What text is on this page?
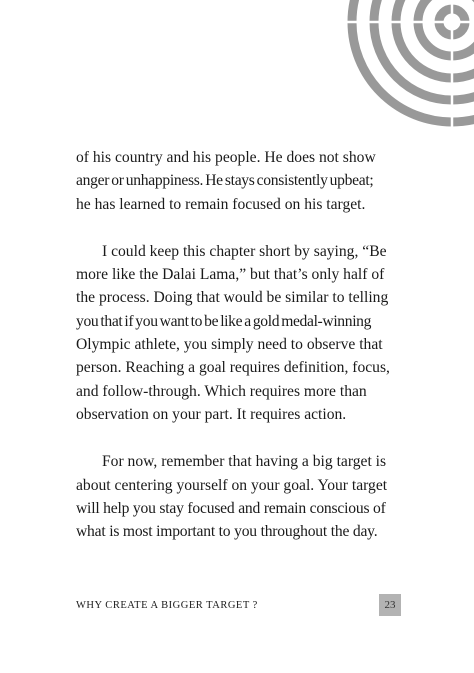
of his country and his people. He does not show
anger or unhappiness. He stays consistently upbeat;
he has learned to remain focused on his target.

I could keep this chapter short by saying, “Be
more like the Dalai Lama,” but that’s only half of
the process. Doing that would be similar to telling
you that if you want to be like a gold medal-winning
Olympic athlete, you simply need to observe that
person. Reaching a goal requires definition, focus,
and follow-through. Which requires more than
observation on your part. It requires action.

For now, remember that having a big target is
about centering yourself on your goal. Your target
will help you stay focused and remain conscious of
what is most important to you throughout the day.

WHY CREATE A BIGGER TARGET ?	23
